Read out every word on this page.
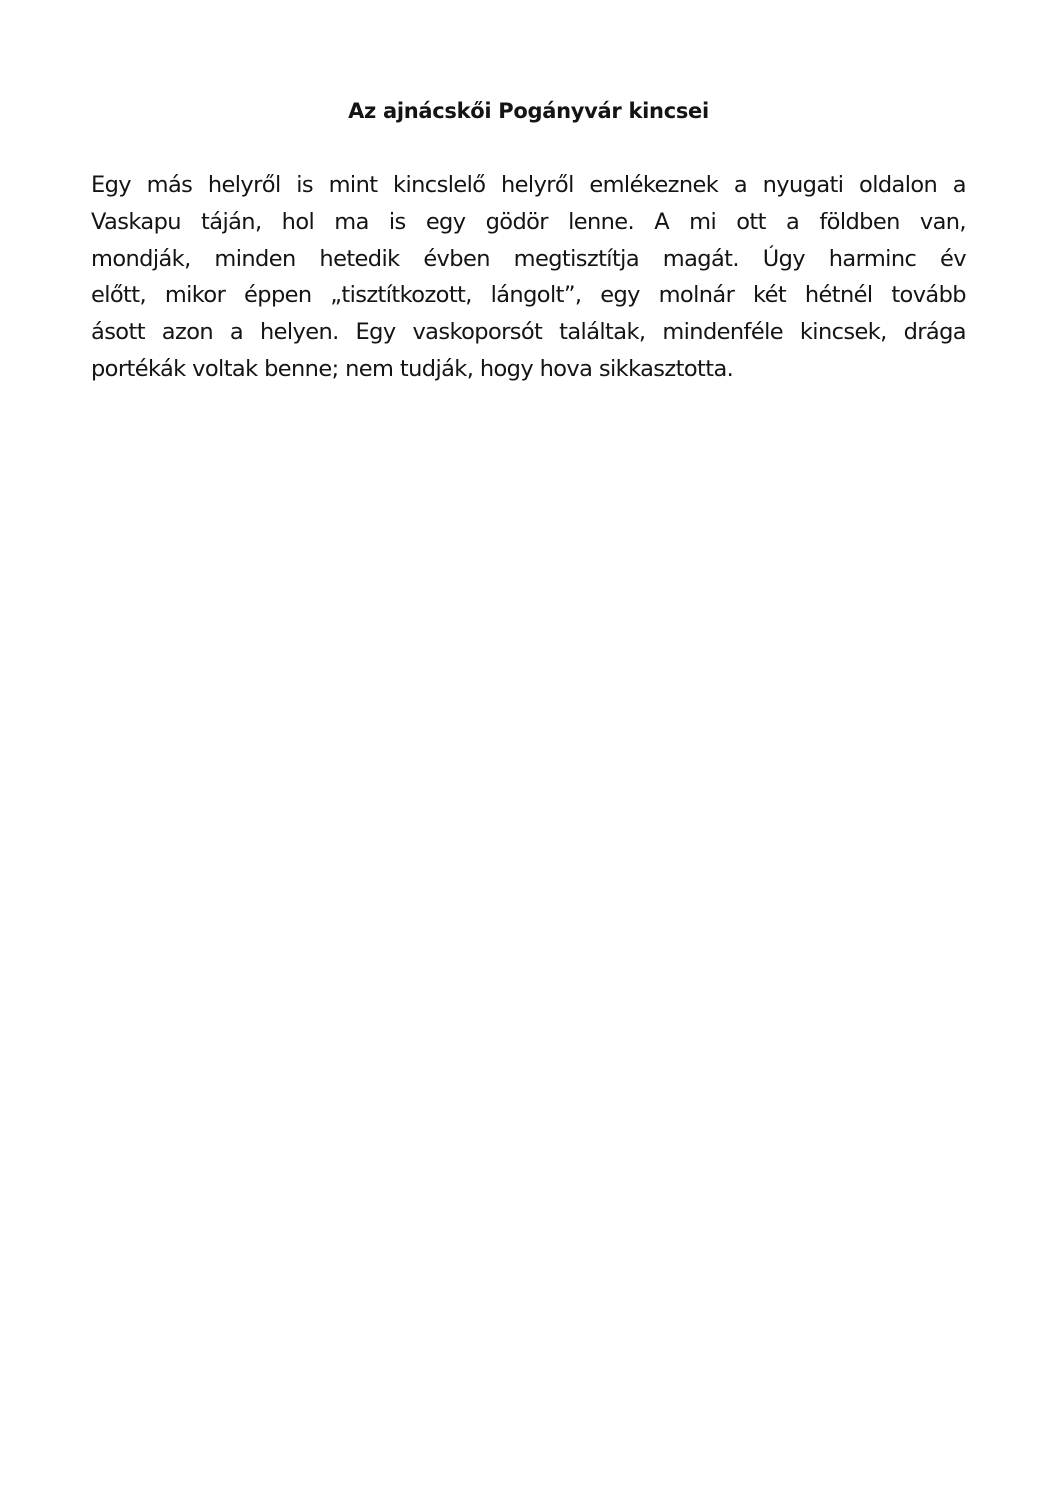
Az ajnácskői Pogányvár kincsei
Egy más helyről is mint kincslelő helyről emlékeznek a nyugati oldalon a
Vaskapu táján, hol ma is egy gödör lenne. A mi ott a földben van,
mondják, minden hetedik évben megtisztítja magát. Úgy harminc év
előtt, mikor éppen „tisztítkozott, lángolt”, egy molnár két hétnél tovább
ásott azon a helyen. Egy vaskoporsót találtak, mindenféle kincsek, drága
portékák voltak benne; nem tudják, hogy hova sikkasztotta.
